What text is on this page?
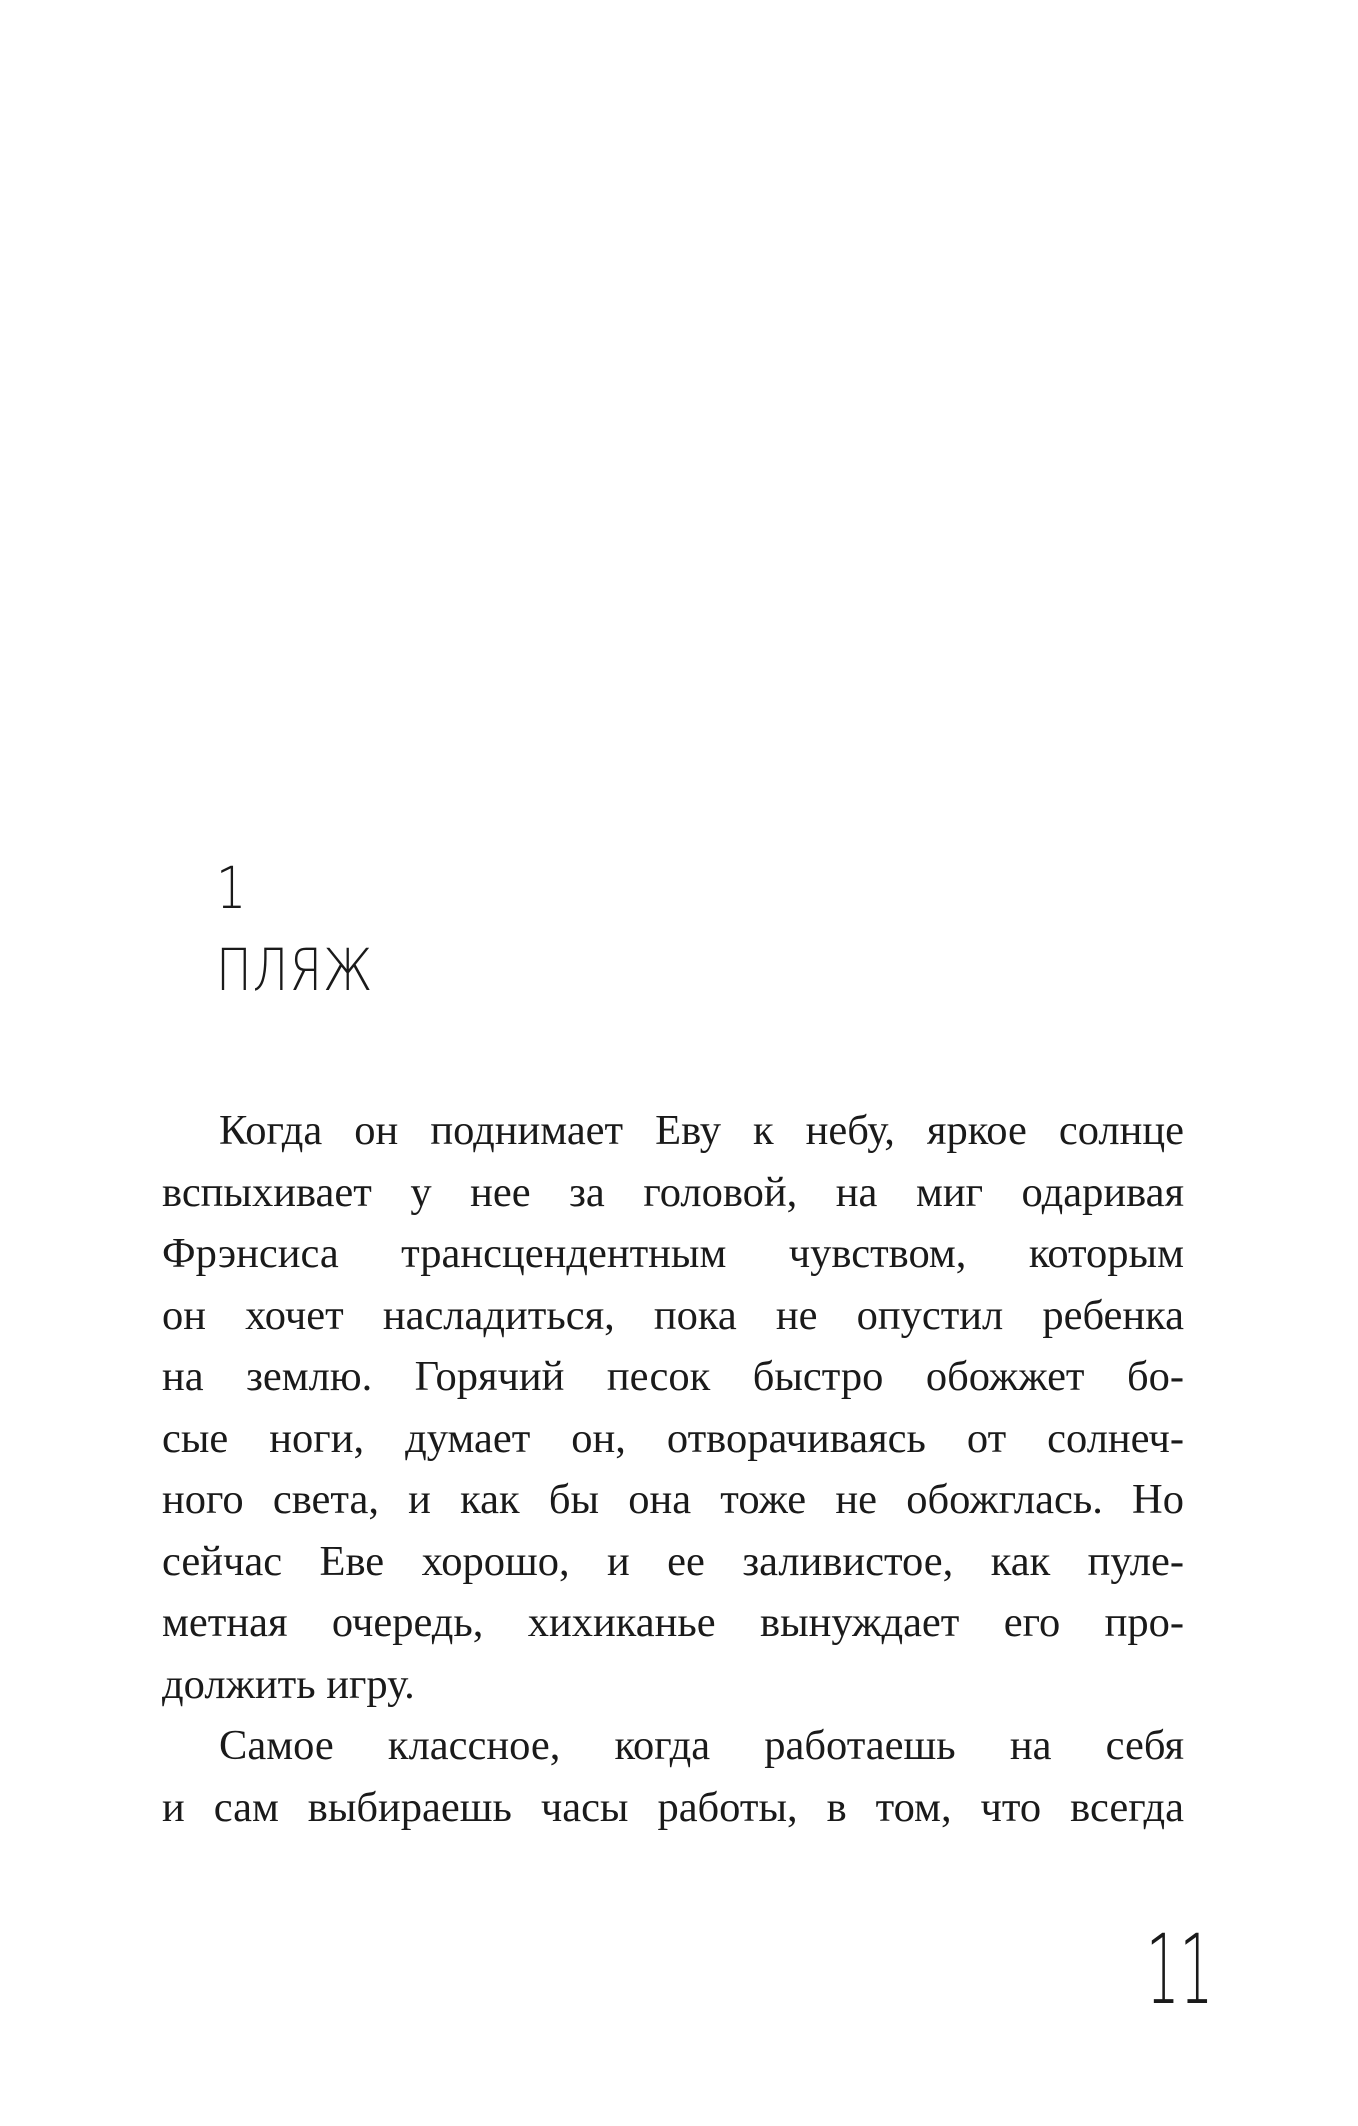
1
ПЛЯЖ
Когда он поднимает Еву к небу, яркое солнце
вспыхивает у нее за головой, на миг одаривая
Фрэнсиса трансцендентным чувством, которым
он хочет насладиться, пока не опустил ребенка
на землю. Горячий песок быстро обожжет бо-
сые ноги, думает он, отворачиваясь от солнеч-
ного света, и как бы она тоже не обожглась. Но
сейчас Еве хорошо, и ее заливистое, как пуле-
метная очередь, хихиканье вынуждает его про-
должить игру.
Самое классное, когда работаешь на себя
и сам выбираешь часы работы, в том, что всегда
11
